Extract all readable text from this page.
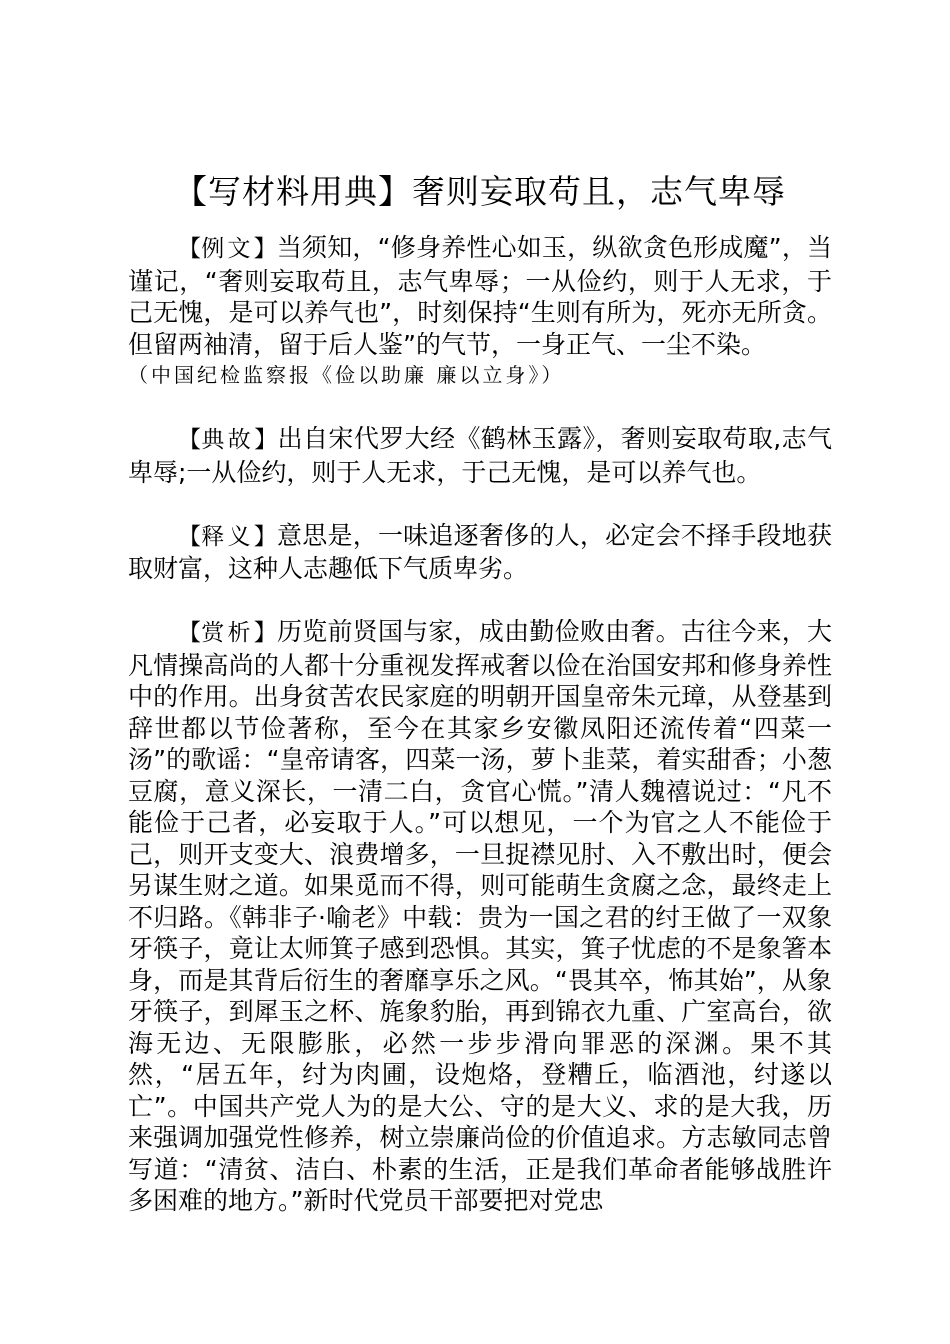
【写材料用典】奢则妄取苟且，志气卑辱

【例文】当须知，“修身养性心如玉，纵欲贪色形成魔”，当谨记，“奢则妄取苟且，志气卑辱；一从俭约，则于人无求，于己无愧，是可以养气也”，时刻保持“生则有所为，死亦无所贪。但留两袖清，留于后人鉴”的气节，一身正气、一尘不染。

（中国纪检监察报《俭以助廉 廉以立身》）

【典故】出自宋代罗大经《鹤林玉露》，奢则妄取苟取,志气卑辱;一从俭约，则于人无求，于己无愧，是可以养气也。

【释义】意思是，一味追逐奢侈的人，必定会不择手段地获取财富，这种人志趣低下气质卑劣。

【赏析】历览前贤国与家，成由勤俭败由奢。古往今来，大凡情操高尚的人都十分重视发挥戒奢以俭在治国安邦和修身养性中的作用。出身贫苦农民家庭的明朝开国皇帝朱元璋，从登基到辞世都以节俭著称，至今在其家乡安徽凤阳还流传着“四菜一汤”的歌谣：“皇帝请客，四菜一汤，萝卜韭菜，着实甜香；小葱豆腐，意义深长，一清二白，贪官心慌。”清人魏禧说过：“凡不能俭于己者，必妄取于人。”可以想见，一个为官之人不能俭于己，则开支变大、浪费增多，一旦捉襟见肘、入不敷出时，便会另谋生财之道。如果觅而不得，则可能萌生贪腐之念，最终走上不归路。《韩非子·喻老》中载：贵为一国之君的纣王做了一双象牙筷子，竟让太师箕子感到恐惧。其实，箕子忧虑的不是象箸本身，而是其背后衍生的奢靡享乐之风。“畏其卒，怖其始”，从象牙筷子，到犀玉之杯、旄象豹胎，再到锦衣九重、广室高台，欲海无边、无限膨胀，必然一步步滑向罪恶的深渊。果不其然，“居五年，纣为肉圃，设炮烙，登糟丘，临酒池，纣遂以亡”。中国共产党人为的是大公、守的是大义、求的是大我，历来强调加强党性修养，树立崇廉尚俭的价值追求。方志敏同志曾写道：“清贫、洁白、朴素的生活，正是我们革命者能够战胜许多困难的地方。”新时代党员干部要把对党忠
